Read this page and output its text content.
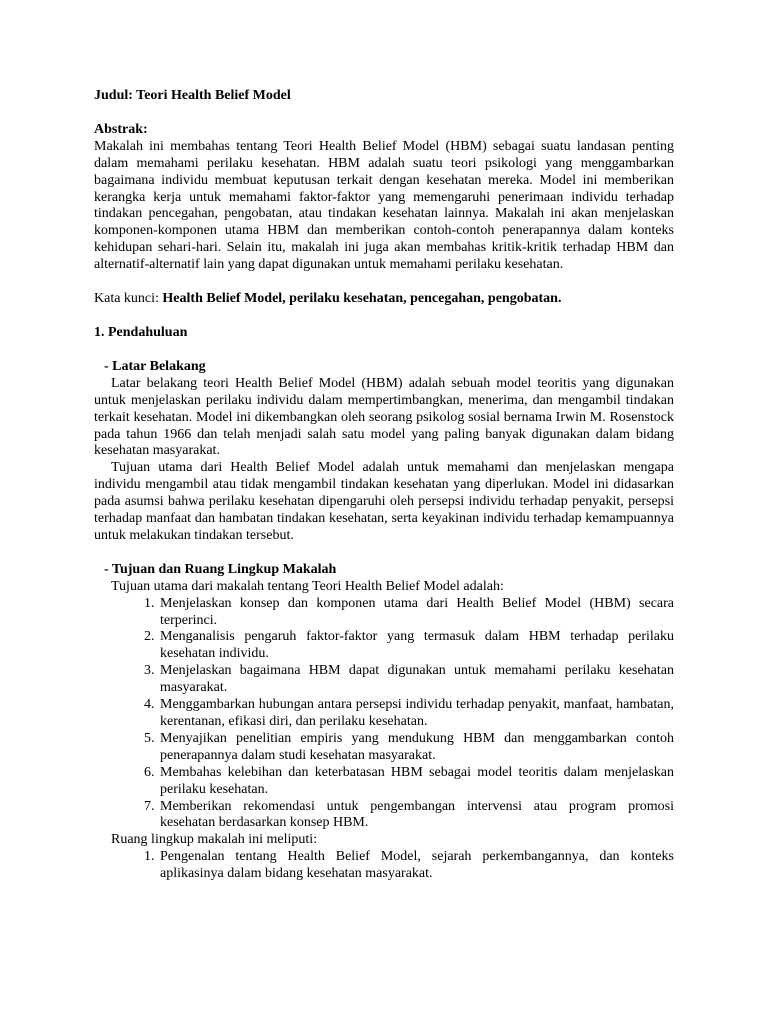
Judul: Teori Health Belief Model

Abstrak:

Makalah ini membahas tentang Teori Health Belief Model (HBM) sebagai suatu landasan penting dalam memahami perilaku kesehatan. HBM adalah suatu teori psikologi yang menggambarkan bagaimana individu membuat keputusan terkait dengan kesehatan mereka. Model ini memberikan kerangka kerja untuk memahami faktor-faktor yang memengaruhi penerimaan individu terhadap tindakan pencegahan, pengobatan, atau tindakan kesehatan lainnya. Makalah ini akan menjelaskan komponen-komponen utama HBM dan memberikan contoh-contoh penerapannya dalam konteks kehidupan sehari-hari. Selain itu, makalah ini juga akan membahas kritik-kritik terhadap HBM dan alternatif-alternatif lain yang dapat digunakan untuk memahami perilaku kesehatan.

Kata kunci: Health Belief Model, perilaku kesehatan, pencegahan, pengobatan.

1. Pendahuluan

- Latar Belakang

Latar belakang teori Health Belief Model (HBM) adalah sebuah model teoritis yang digunakan untuk menjelaskan perilaku individu dalam mempertimbangkan, menerima, dan mengambil tindakan terkait kesehatan. Model ini dikembangkan oleh seorang psikolog sosial bernama Irwin M. Rosenstock pada tahun 1966 dan telah menjadi salah satu model yang paling banyak digunakan dalam bidang kesehatan masyarakat.

Tujuan utama dari Health Belief Model adalah untuk memahami dan menjelaskan mengapa individu mengambil atau tidak mengambil tindakan kesehatan yang diperlukan. Model ini didasarkan pada asumsi bahwa perilaku kesehatan dipengaruhi oleh persepsi individu terhadap penyakit, persepsi terhadap manfaat dan hambatan tindakan kesehatan, serta keyakinan individu terhadap kemampuannya untuk melakukan tindakan tersebut.

- Tujuan dan Ruang Lingkup Makalah

Tujuan utama dari makalah tentang Teori Health Belief Model adalah:

1. Menjelaskan konsep dan komponen utama dari Health Belief Model (HBM) secara terperinci.
2. Menganalisis pengaruh faktor-faktor yang termasuk dalam HBM terhadap perilaku kesehatan individu.
3. Menjelaskan bagaimana HBM dapat digunakan untuk memahami perilaku kesehatan masyarakat.
4. Menggambarkan hubungan antara persepsi individu terhadap penyakit, manfaat, hambatan, kerentanan, efikasi diri, dan perilaku kesehatan.
5. Menyajikan penelitian empiris yang mendukung HBM dan menggambarkan contoh penerapannya dalam studi kesehatan masyarakat.
6. Membahas kelebihan dan keterbatasan HBM sebagai model teoritis dalam menjelaskan perilaku kesehatan.
7. Memberikan rekomendasi untuk pengembangan intervensi atau program promosi kesehatan berdasarkan konsep HBM.

Ruang lingkup makalah ini meliputi:

1. Pengenalan tentang Health Belief Model, sejarah perkembangannya, dan konteks aplikasinya dalam bidang kesehatan masyarakat.
